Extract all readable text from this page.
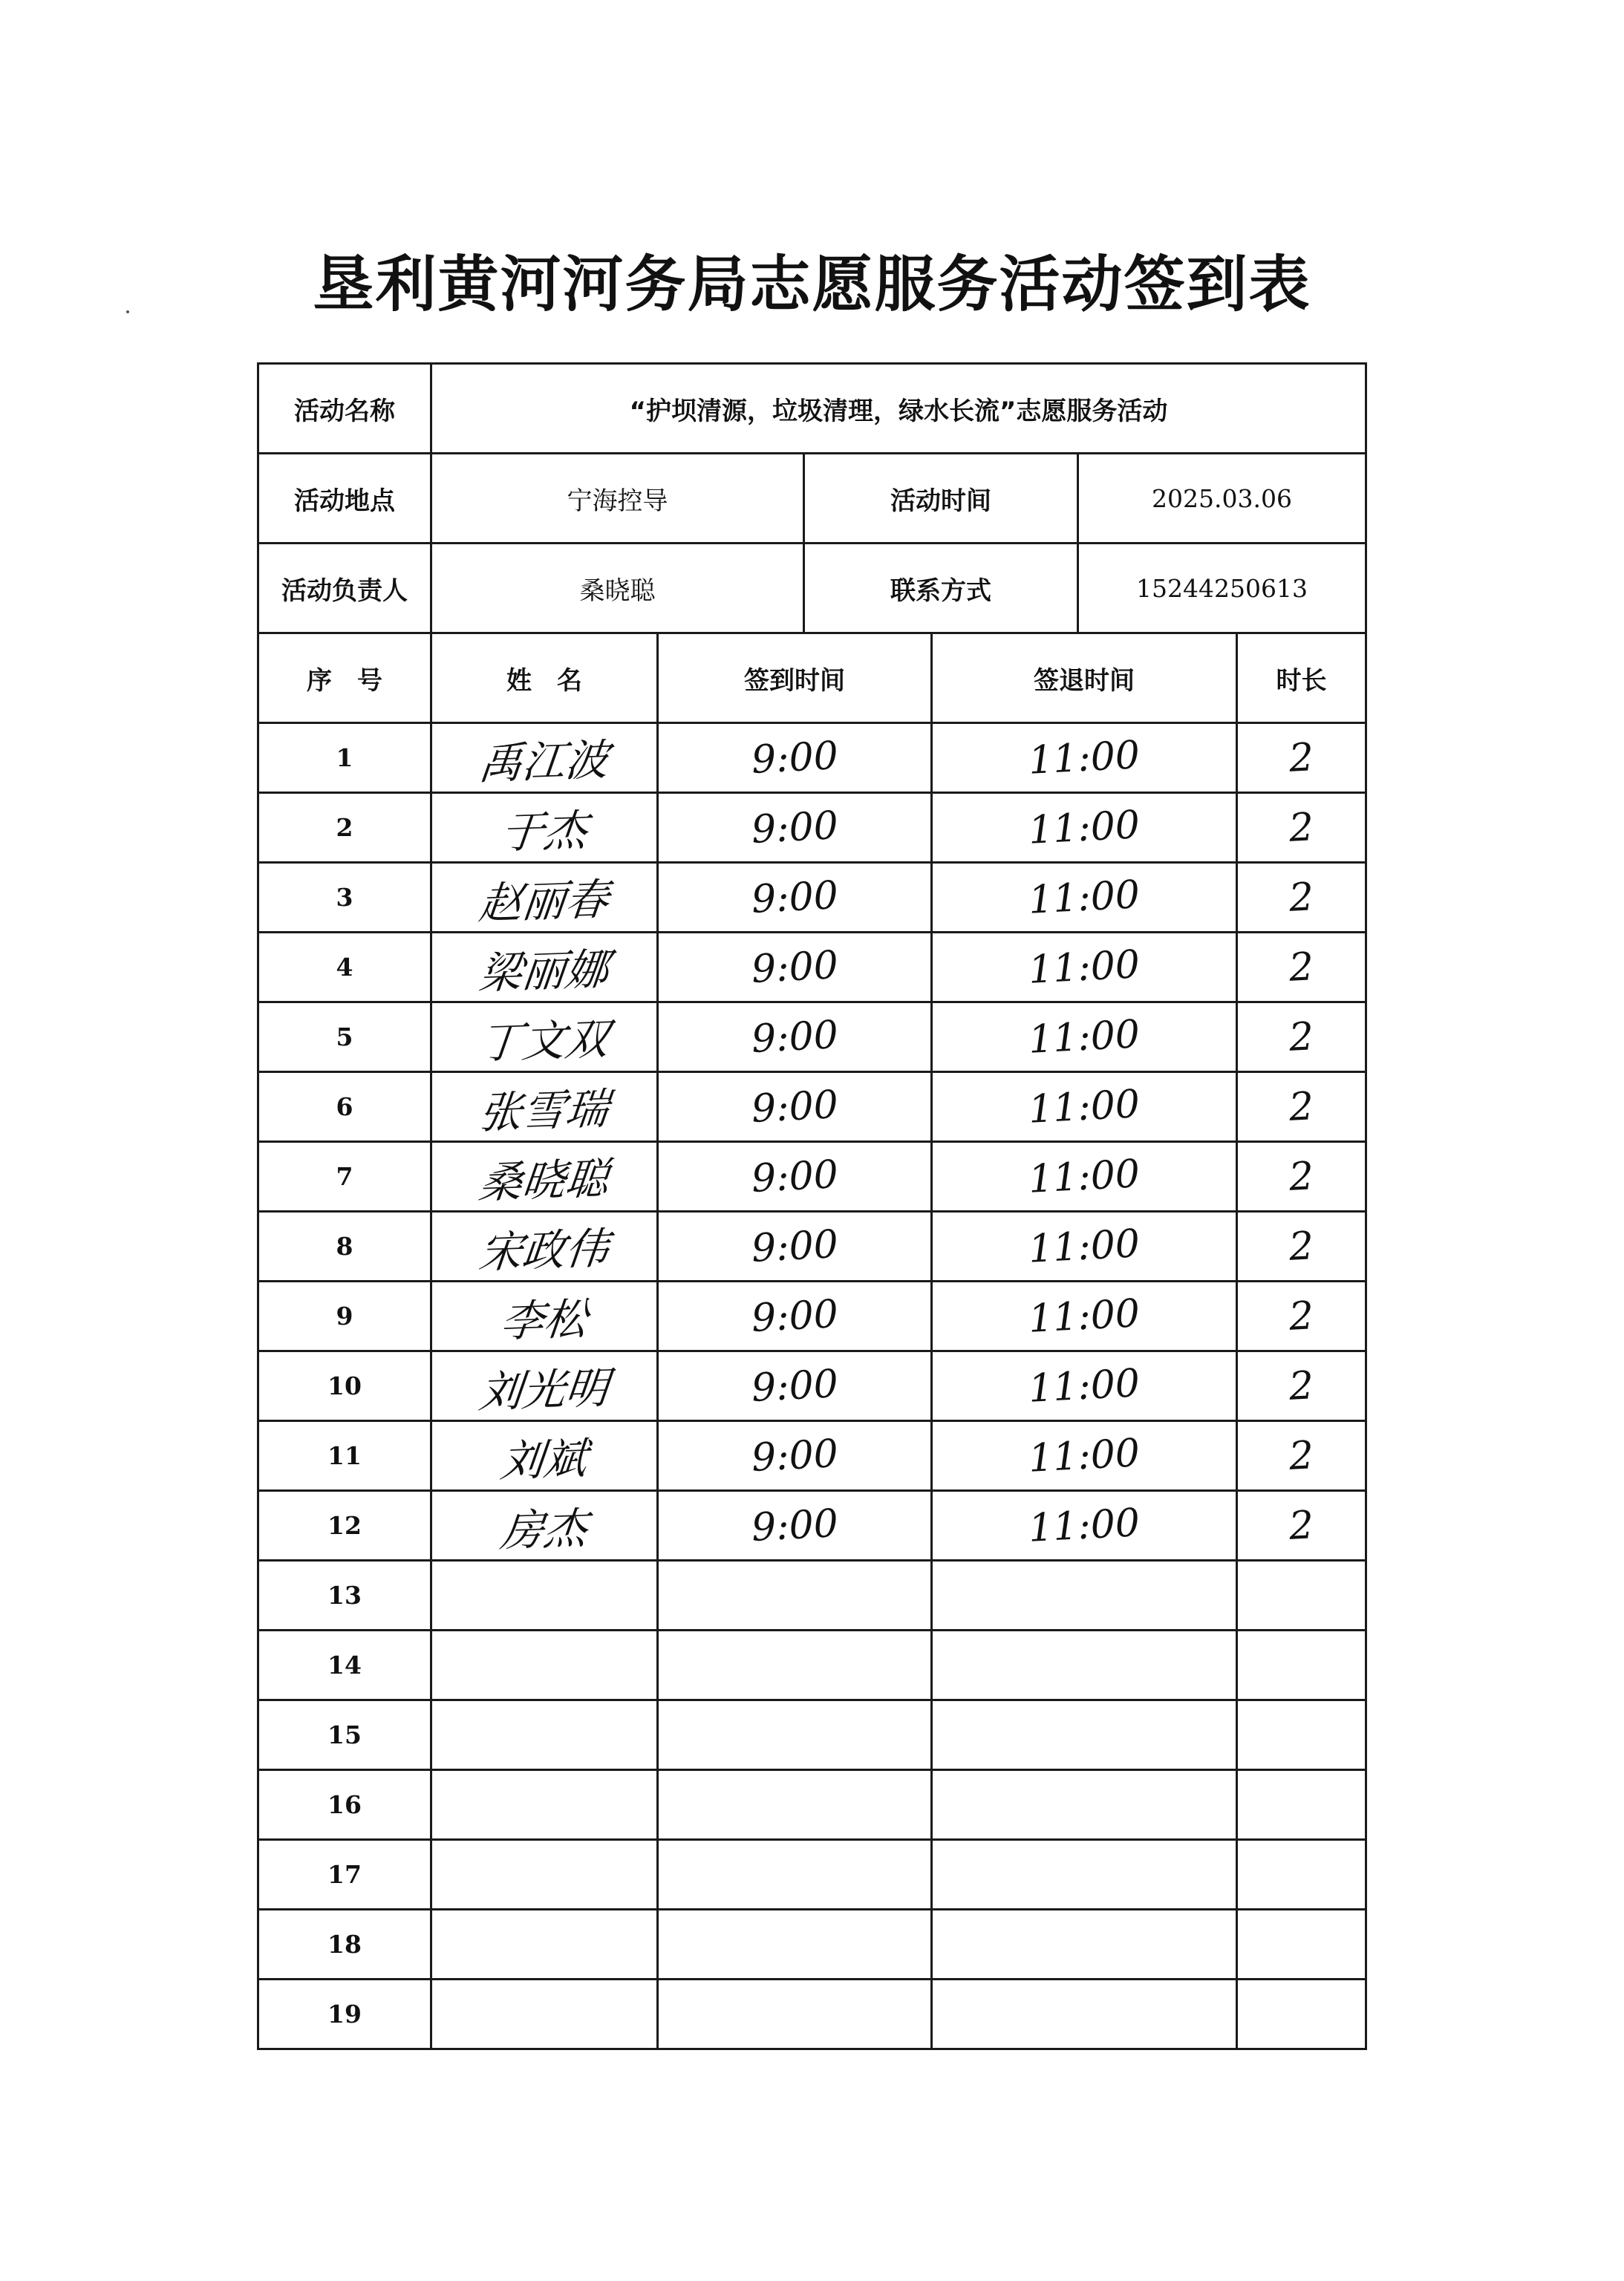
垦利黄河河务局志愿服务活动签到表
活动名称	“护坝清源，垃圾清理，绿水长流”志愿服务活动					
活动地点	宁海控导		活动时间		2025.03.06	
活动负责人	桑晓聪		联系方式		15244250613	
序　号	姓　名	签到时间		签退时间		时长
1	禹江波	9:00		11:00		2
2	于杰	9:00		11:00		2
3	赵丽春	9:00		11:00		2
4	梁丽娜	9:00		11:00		2
5	丁文双	9:00		11:00		2
6	张雪瑞	9:00		11:00		2
7	桑晓聪	9:00		11:00		2
8	宋政伟	9:00		11:00		2
9	李松	9:00		11:00		2
10	刘光明	9:00		11:00		2
11	刘斌	9:00		11:00		2
12	房杰	9:00		11:00		2
13						
14						
15						
16						
17						
18						
19						
